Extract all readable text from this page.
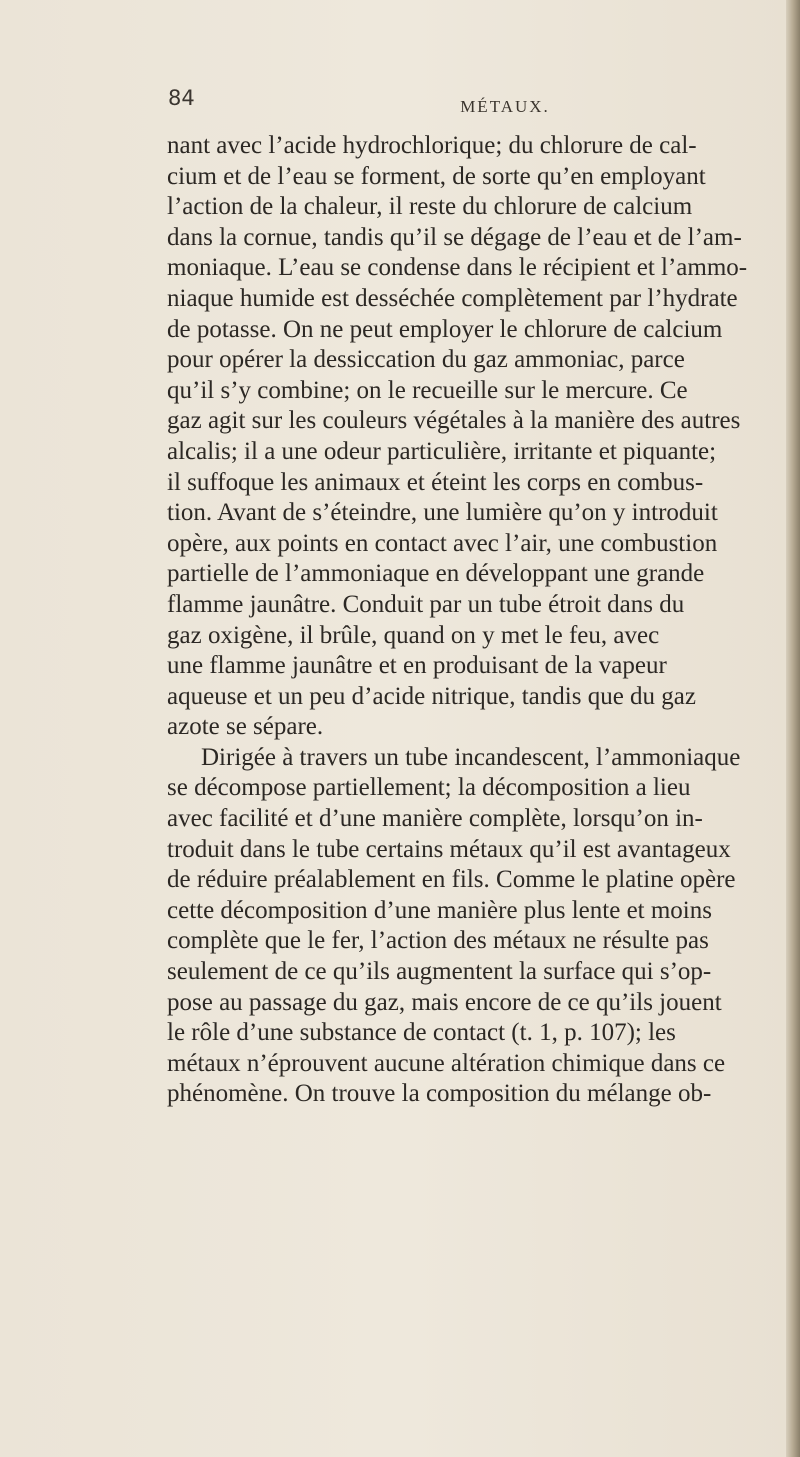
84	MÉTAUX.
nant avec l’acide hydrochlorique; du chlorure de cal-
cium et de l’eau se forment, de sorte qu’en employant
l’action de la chaleur, il reste du chlorure de calcium
dans la cornue, tandis qu’il se dégage de l’eau et de l’am-
moniaque. L’eau se condense dans le récipient et l’ammo-
niaque humide est desséchée complètement par l’hydrate
de potasse. On ne peut employer le chlorure de calcium
pour opérer la dessiccation du gaz ammoniac, parce
qu’il s’y combine; on le recueille sur le mercure. Ce
gaz agit sur les couleurs végétales à la manière des autres
alcalis; il a une odeur particulière, irritante et piquante;
il suffoque les animaux et éteint les corps en combus-
tion. Avant de s’éteindre, une lumière qu’on y introduit
opère, aux points en contact avec l’air, une combustion
partielle de l’ammoniaque en développant une grande
flamme jaunâtre. Conduit par un tube étroit dans du
gaz oxigène, il brûle, quand on y met le feu, avec
une flamme jaunâtre et en produisant de la vapeur
aqueuse et un peu d’acide nitrique, tandis que du gaz
azote se sépare.
Dirigée à travers un tube incandescent, l’ammoniaque
se décompose partiellement; la décomposition a lieu
avec facilité et d’une manière complète, lorsqu’on in-
troduit dans le tube certains métaux qu’il est avantageux
de réduire préalablement en fils. Comme le platine opère
cette décomposition d’une manière plus lente et moins
complète que le fer, l’action des métaux ne résulte pas
seulement de ce qu’ils augmentent la surface qui s’op-
pose au passage du gaz, mais encore de ce qu’ils jouent
le rôle d’une substance de contact (t. 1, p. 107); les
métaux n’éprouvent aucune altération chimique dans ce
phénomène. On trouve la composition du mélange ob-
